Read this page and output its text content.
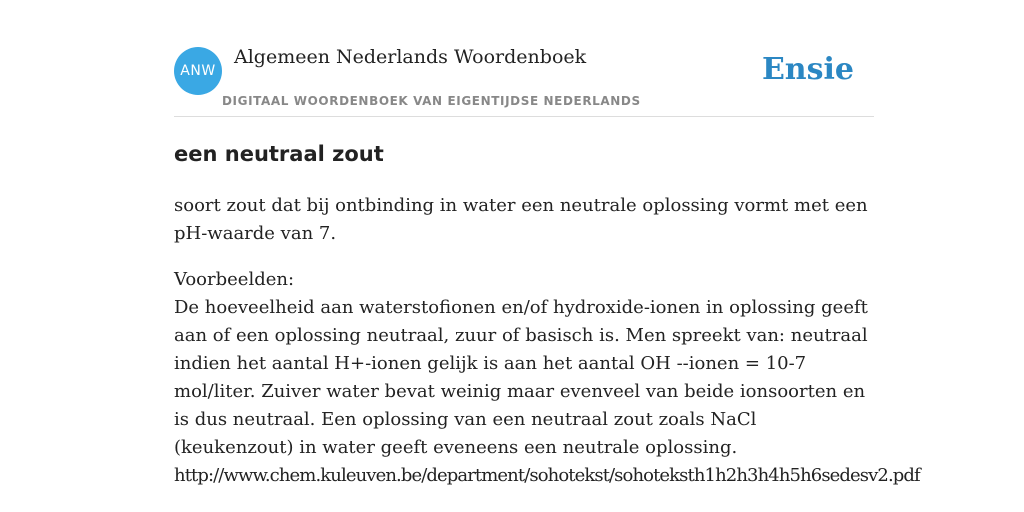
ANW
Algemeen Nederlands Woordenboek
DIGITAAL WOORDENBOEK VAN EIGENTIJDSE NEDERLANDS
Ensie
een neutraal zout

soort zout dat bij ontbinding in water een neutrale oplossing vormt met een pH-waarde van 7.

Voorbeelden:

De hoeveelheid aan waterstofionen en/of hydroxide-ionen in oplossing geeft aan of een oplossing neutraal, zuur of basisch is. Men spreekt van: neutraal indien het aantal H+-ionen gelijk is aan het aantal OH --ionen = 10-7 mol/liter. Zuiver water bevat weinig maar evenveel van beide ionsoorten en is dus neutraal. Een oplossing van een neutraal zout zoals NaCl (keukenzout) in water geeft eveneens een neutrale oplossing.

http://www.chem.kuleuven.be/department/sohotekst/sohoteksth1h2h3h4h5h6sedesv2.pdf
